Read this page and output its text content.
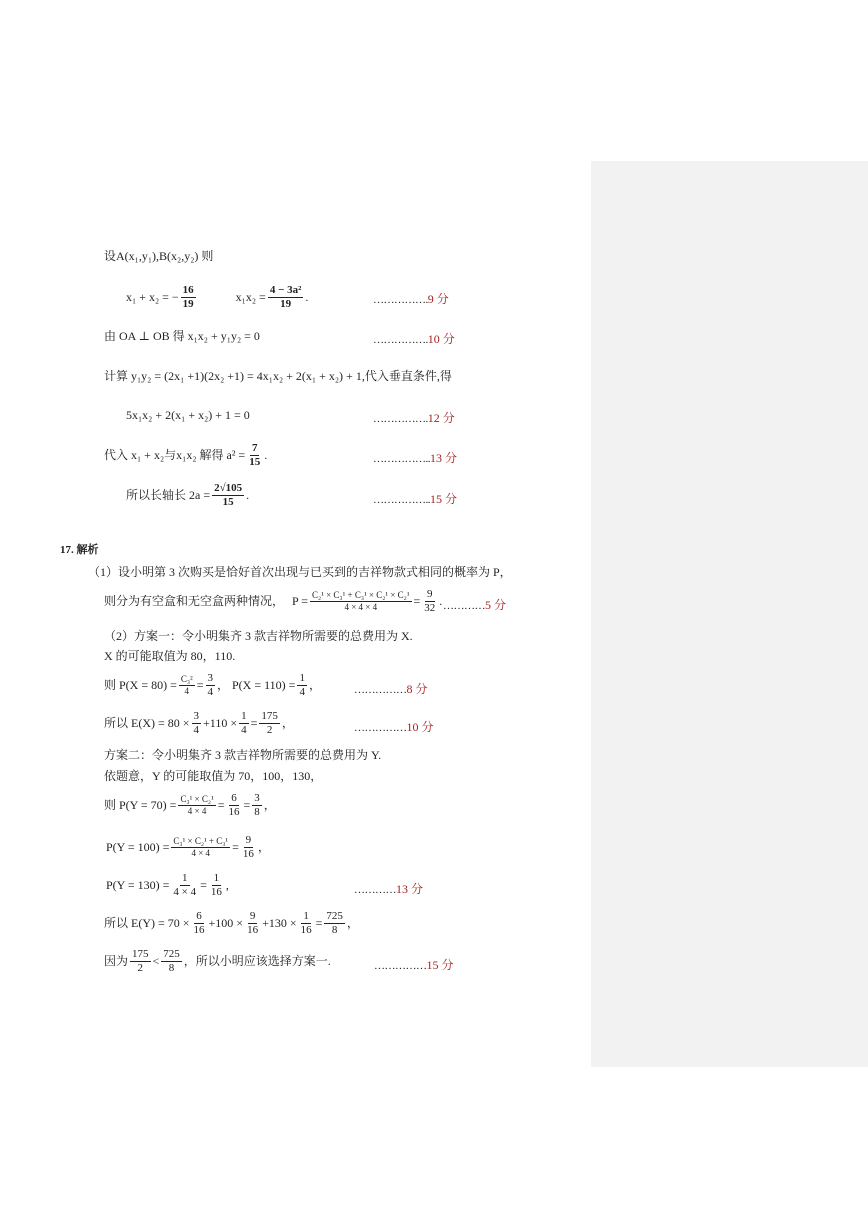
设A(x₁,y₁),B(x₂,y₂) 则
x₁ + x₂ = − $\frac{16}{19}$	$x_1x_2 = \frac{\text{4 − 3a²}}{19}$ .	…………….9 分
由 OA ⊥ OB 得 x₁x₂ + y₁y₂ = 0	…………….10 分
计算 y₁y₂ = (2x₁ +1)(2x₂ +1) = 4x₁x₂ + 2(x₁ + x₂) + 1,代入垂直条件,得
5x₁x₂ + 2(x₁ + x₂) + 1 = 0	…………….12 分
代入 x₁ + x₂与x₁x₂ 解得 $a^2 = \frac{7}{15}$ .	……………..13 分
所以长轴长 $2a = \frac{2√105}{15}$ .	……………..15 分
17. 解析
（1）设小明第 3 次购买是恰好首次出现与已买到的吉祥物款式相同的概率为 P，
则分为有空盒和无空盒两种情况， $P = \frac{\text{C₂¹ × C₃¹ + C₃¹ × C₂¹ × C₂¹}}{4 \times 4 \times 4} = \frac{9}{32}$ . …………5 分
（2）方案一：令小明集齐 3 款吉祥物所需要的总费用为 X.
X 的可能取值为 80，110.
则 $P(X = 80) = \frac{\text{C₃²}}{4} = \frac{3}{4}$ ， $P(X = 110) = \frac{1}{4}$ ，	……………8 分
所以 $E(X) = 80 \times \frac{3}{4} +110 \times \frac{1}{4} = \frac{175}{2}$ ，	……………10 分
方案二：令小明集齐 3 款吉祥物所需要的总费用为 Y.
依题意，Y 的可能取值为 70，100，130，
则 $P(Y = 70) = \frac{\text{C₃¹ × C₂¹}}{4 \times 4} = \frac{6}{16} = \frac{3}{8}$ ，
$P(Y = 100) = \frac{\text{C₃¹ × C₂¹ + C₃¹}}{4 \times 4} = \frac{9}{16}$ ，
$P(Y = 130) = \frac{1}{4 \times 4} = \frac{1}{16}$ ,	…………13 分
所以 $E(Y) = 70 \times \frac{6}{16} +100 \times \frac{9}{16} +130 \times \frac{1}{16} = \frac{725}{8}$ ，
因为 $\frac{175}{2} < \frac{725}{8}$ ，所以小明应该选择方案一.	……………15 分
